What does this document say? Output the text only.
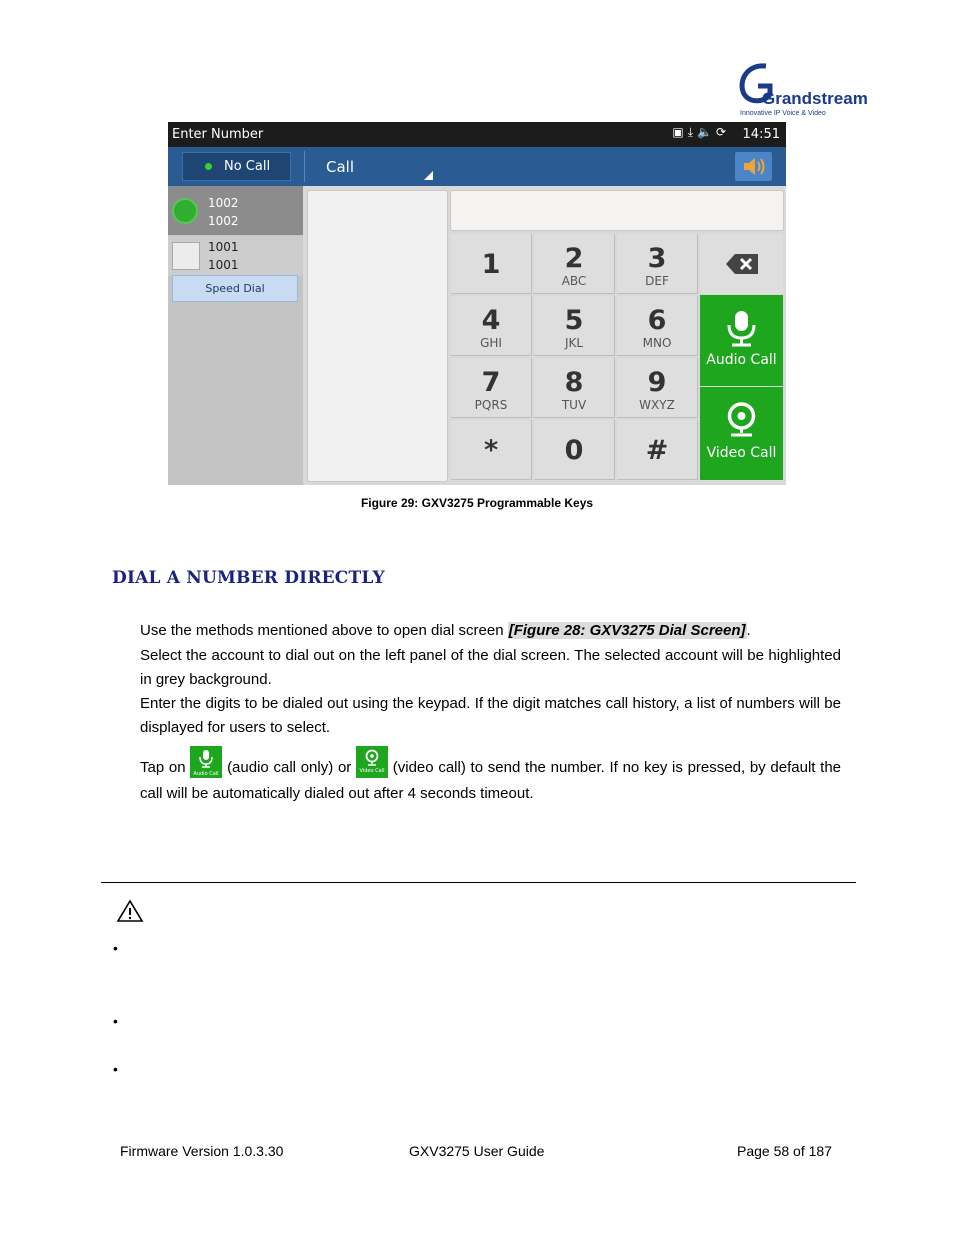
Grandstream
Innovative IP Voice & Video
Enter Number	▣⤓🔈⟳ 14:51
No Call	Call
1002
1002
1001
1001
Speed Dial
1	2
ABC
3
DEF
4
GHI
5
JKL
6
MNO
7
PQRS
8
TUV
9
WXYZ
*	0	#
Audio Call
Video Call
Figure 29: GXV3275 Programmable Keys
DIAL A NUMBER DIRECTLY
Use the methods mentioned above to open dial screen [Figure 28: GXV3275 Dial Screen].
Select the account to dial out on the left panel of the dial screen. The selected account will be highlighted in grey background.
Enter the digits to be dialed out using the keypad. If the digit matches call history, a list of numbers will be displayed for users to select.
Tap on Audio Call (audio call only) or Video Call (video call) to send the number. If no key is pressed, by default the call will be automatically dialed out after 4 seconds timeout.
•
•
•
Firmware Version 1.0.3.30	GXV3275 User Guide	Page 58 of 187
